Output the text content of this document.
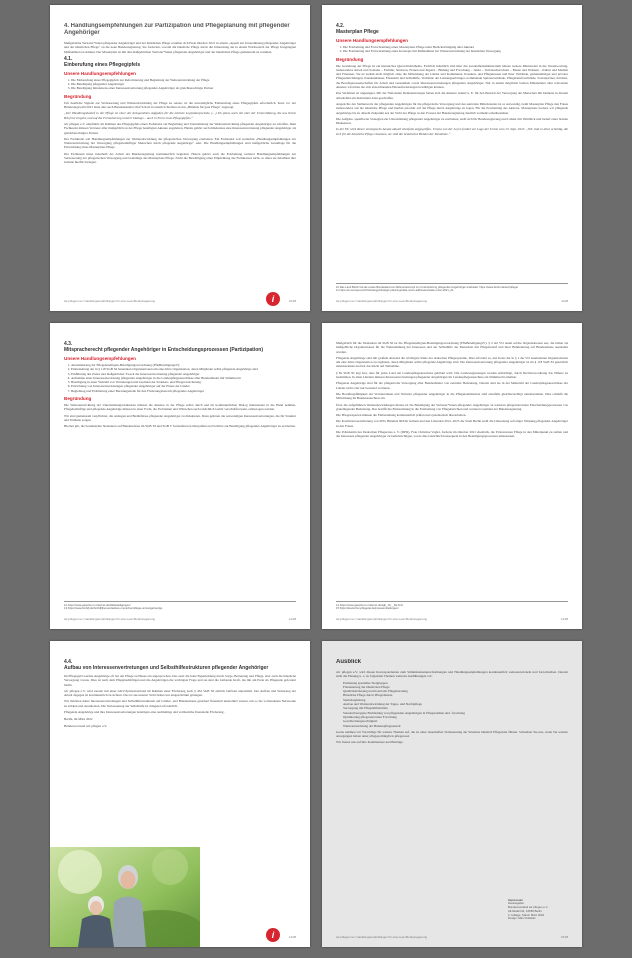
4. Handlungsempfehlungen zur Partizipation und Pflegeplanung mit pflegender Angehöriger

Maßgebliche Vertreter*innen pflegender Angehöriger und der häuslichen Pflege wandten sich Ende Oktober 2021 in einem „Appell zur Unterstützung pflegender Angehöriger und der häuslichen Pflege“ an die neue Bundesregierung. Sie forderten, sowohl die häusliche Pflege durch die Umsetzung der in einem Wortbereich der Pflege festgelegten Maßnahmen zu stärken. Der Masterplan ist mit den maßgeblichen Vertreter*innen pflegender Angehöriger und der häuslichen Pflege gemeinsam zu erstellen.

4.1.
Einberufung eines Pflegegipfels
Unsere Handlungsempfehlungen
1. Die Einberufung eines Pflegegipfels zur Reformierung und Begleitung der Weiterentwicklung der Pflege
2. Die Beteiligung pflegender Angehöriger
3. Die Beteiligung mindestens einer Interessenvertretung pflegender Angehöriger als gleichberechtigte Partner
Begründung

Um deutliche Signale zur Verbesserung und Weiterentwicklung der Pflege zu setzen, ist die unverzügliche Einberufung eines Pflegegipfels erforderlich. Kurz vor der Bundestagswahl 2021 hatte dies auch Bundeskanzler Olaf Scholz in einem Schreiben an das „Bündnis für gute Pflege“ zugesagt.

„Der Handlungsbedarf in der Pflege ist einer der dringendsten Aufgaben für die nächste Legislaturperiode. (…) Ich plane auch mit aber der Unterstützung, die aus Ihrem Brief hervorgeht, und auf die Formulierung unserer Dialogs – auch in Form eines Pflegegipfels.“

wir pflegen e.V. empfiehlt, im Rahmen des Pflegegipfels einen Fachkreist zur Begleitung und Unterstützung der Weiterentwicklung pflegender Angehöriger zu schaffen. Dem Fachkreist müssen Vertreter aller maßgeblich an der Pflege beteiligten Akteure angehören. Hierzu gehört auch mindestens eine Interessenvertretung pflegender Angehöriger als gleichberechtigter Partner.

Der Fachkreist soll Handlungsempfehlungen zur Weiterentwicklung der pflegerischen Versorgung erarbeiten. Ein Fachkreist soll weiterhin „Handlungsempfehlungen zur Weiterentwicklung der Versorgung pflegebedürftiger Menschen durch pflegende Angehörige“ sein. Die Handlungsempfehlungen sind maßgebliche Grundlage für die Entwicklung eines Masterplans Pflege.

Der Fachkreist muss innerhalb der Arbeit der Bundesregierung kontinuierlich begleiten. Hierzu gehört auch die Erarbeitung weiterer Handlungsempfehlungen zur Verbesserung der pflegerischen Versorgung und Grundlage des Masterplans Pflege. Nicht die Bewältigung einer Empfehlung des Fachkreises nicht, so muss sie detailliert ihre Gründe hierfür darlegen.

i
wir-pflegen.net / Handlungsempfehlungen für eine neue Bundesregierung	10/28
4.2.
Masterplan Pflege
Unsere Handlungsempfehlungen
1. Die Erarbeitung und Fortschreibung eines Masterplans Pflege unter Berücksichtigung aller Akteure
2. Die Erarbeitung und Fortschreibung eines Konzepts mit Maßnahmen zur Weiterentwicklung der häuslichen Versorgung
Begründung

Die Gestaltung der Pflege ist ein klassisches Querschnittsthema. Fachlich inhaltlich sind über das Gesundheitsministerium hinaus weitere Ministerien in die Verantwortung, insbesondere Arbeit und Soziales – Familie, Senioren, Frauen und Jugend – Bildung und Forschung – Justiz – Verbraucherschutz – Bauen und Wohnen – Kultur und Medien und Finanzen. Sie ist zudem nicht möglich ohne die Mitwirkung der Länder und Kommunen, Kranken- und Pflegekassen und ihrer Verbände, gemeinnütziger und privater Pflegeeinrichtungen, Krankenhäuser, Ehrenamt und Selbsthilfe, Verbände der Leistungserbringer, kommunale Spitzenverbände, Pflegeberufsverbände, Sozialpartner, Kirchen, die Berufsgenossenschaften für Arbeit und Gesundheit sowie Interessenvertretungen pflegender Angehöriger. Nur in einem möglichst breiten Miteinander aller relevanten Akteure wird man die sich abzeichnenden Herausforderungen bewältigen können.

Das Verfahren ist ungeeignet. Mit der Nationalen Demenzstrategie haben sich die Akteure zuletzt u. E. für den Bereich der Versorgung der Menschen mit Demenz in diesem Arbeitsfeld ein Instrument dazu geschaffen.

Angesichts des Stellenwerts der pflegenden Angehörigen für die pflegerische Versorgung und des zentralen Mittelstandes ist es notwendig, beim Masterplan Pflege den Fokus insbesondere auf die häusliche Pflege und hierbei prioritär auf die Pflege durch Angehörige zu legen. Für die Erarbeitung des Aktions- Masterplans fordern wir pflegende Angehörige bis zu diesem Zeitpunkt aus der Sicht der Pflege in den Prozess der Bundesregierung deutlich vermehrt einzubeziehen.

Die Aufgabe, spezifische Strategien zur Unterstützung pflegender Angehöriger zu erarbeiten, stellt sich für Bundesregierung und Länder mit Weitblick und bedarf einer breiten Diskussion.

In der EU wird dieser strategische Ansatz aktuell ebenfalls aufgegriffen. Ursula von der Leyen fordert zur Lage der Union vom 15. Sept. 2021: „Wir sind es allen schuldig, die sich für die häusliche Pflege einsetzen, sie sind die heimlichen Helden der Pandemie.“

10 Das Land Berlin hat als erstes Bundesland ein Rahmenkonzept zur Unterstützung pflegender Angehöriger erarbeitet: https://www.berlin.de/sen/pflege/

11 https://ec.europa.eu/info/strategy/strategic-planning/state-union-addresses/state-union-2021_de

wir-pflegen.net / Handlungsempfehlungen für eine neue Bundesregierung	11/28
4.3.
Mitspracherecht pflegender Angehöriger in Entscheidungsprozessen (Partizipation)
Unsere Handlungsempfehlungen
1. Aktualisierung der Pflegebeteiligten-Beteiligungsverordnung (PfleBeteiligungsV):
2. Einbeziehung der in § 118 SGB XI benannten Organisationen um eine dritte Organisation, deren Mitglieder selbst pflegende Angehörige sind
3. Einführung des Zieles und maßgeblicher Zweck der Interessenvertretung pflegender Angehöriger
4. Aufnahme einer Interessenvertretung pflegender Angehöriger in die Landespflegeausschüsse aller Bundesländer mit Stimmrecht
5. Beteiligung in einer Vielzahl von Vertretungen und Gremien der Kranken- und Pflegeversicherung
6. Einrichtung von Interessenvertretungen pflegender Angehöriger auf der Ebene der Länder
7. Begleitung und Etablierung einer Beratungsstelle für den Förderungsbereich pflegender Angehöriger
Begründung

Die Weiterentwicklung der Unterstützungsstrukturen müssen die Akteure in der Pflege selbst durch und im kontinuierlichen Dialog miteinander in die Hand nehmen. Pflegebedürftige und pflegende Angehörige müssen in einer Form, die Problemen und Wünschen auch tatsächlich Gehör verschaffen kann, einbezogen werden.

Wir sind gemeinsam verpflichtet, die Anliegen und Bedürfnisse pflegender Angehöriger zu diskutieren. Dazu gehören die notwendigen Interessenvertretungen, die für Struktur und Teilhabe sorgen.

Hierbei gilt, die bestehenden Strukturen auf Bundesebene im SGB XI und SGB V fortlaufend zu überprüfen und Schritte zur Beteiligung pflegender Angehöriger zu erarbeiten.

12 https://www.gesetze-im-internet.de/pflebeteiligungsv/

13 https://www.bmfsfj.de/bmfsfj/themen/aeltere-menschen/pflege-und-angehoerige

wir-pflegen.net / Handlungsempfehlungen für eine neue Bundesregierung	12/28

Maßgeblich für die Strukturen im SGB XI ist die Pflegebeteiligten-Beteiligungsverordnung (PfleBeteiligungsV). § 2 der VO nennt solche Organisationen aus, die bisher als maßgebliche Organisationen für die Wahrnehmung der Interessen und der Selbsthilfe der Menschen mit Pflegebedarf und ihrer Behinderung auf Bundesebene anerkannt wurden.

Pflegende Angehörige sind mit großem Abstand die wichtigste Säule der deutschen Pflegesysteme. Dies erfordert es, den Kreis der in § 1 der VO anerkannten Organisationen um eine dritte Organisation zu ergänzen, deren Mitglieder selbst pflegende Angehörige sind. Die Interessenvertretung pflegender Angehöriger ist im § 118 SGB XI gesetzlich einzubeziehen und hat das Recht auf Teilnahme.

§ 8a SGB XI legt fest, dass für jedes Land ein Landespflegeausschuss gebildet wird. Die Landesregierungen werden ermächtigt, durch Rechtsverordnung das Nähere zu bestimmen. In allen Ländern müssen Interessenvertretungen pflegender Angehöriger im Landespflegeausschuss ein Stimmrecht erhalten.

Pflegende Angehörige sind für die pflegerische Versorgung aller Bundesländer von zentraler Bedeutung. Derzeit sind sie in der Mehrzahl der Landespflegeausschüsse der Länder nicht oder nur beratend vertreten.

Die Berufungsfähigkeit der Vertreterinnen und Vertreter pflegender Angehöriger in die Pflegekommission sind ebenfalls gleichberechtigt einzubeziehen. Dies schließt die Mitwirkung im Bundesausschuss ein.

Über die aufgeführten Weiterentwicklungen hinaus ist die Beteiligung der Vertreter*innen pflegender Angehöriger an weiteren pflegerelevanten Entscheidungsprozessen von grundlegender Bedeutung. Das betrifft die Einbeziehung in die Erarbeitung von Pflegeberichten und weiteren Gremien der Bundesregierung.

Die Pflegeexperten müssen die Einbeziehung kontinuierlich prüfen und systematisch überarbeiten.

Die Koalitionsvereinbarung von SPD, Bündnis 90/Die Grünen und den Liberalen 2021–2025 der Stadt Berlin stellt die Umsetzung sofortiger Stärkung pflegender Angehöriger in den Fokus.

Die Präsidentin des Deutschen Pflegerates a. V. (DPR), Frau Christine Vogler, forderte im Oktober 2021 ebenfalls, die Professionen Pflege in den Mittelpunkt zu stellen und die Interessen pflegender Angehöriger zu berücksichtigen, sowie dies tatsächlich konsequent in den Beteiligungsprozessen umzusetzen.

14 https://www.gesetze-im-internet.de/sgb_11/__8a.html

15 https://deutscher-pflegerat.de/pressemitteilungen/

wir-pflegen.net / Handlungsempfehlungen für eine neue Bundesregierung	13/28
4.4.
Aufbau von Interessenvertretungen und Selbsthilfestrukturen pflegender Angehöriger

Im Pflegegeld werden Angehörige oft bei der Pflege zu Hause ein angesprochen. Das setzt die hohe Eigenleistung durch Sorge, Betreuung und Pflege, aber auch die häusliche Versorgung voraus. Dies ist nach dem Pflegebedürftigen und die Angehörigen die wichtigste Frage und sie sind die treibende Kraft, die mit am Ende als Pflegende gefordert bleibt.

wir pflegen e.V. wird zurzeit mit einer GKV-Spitzenverband im Rahmen einer Förderung nach § 45d SGB XI zeitlich befristet unterstützt. Der Aufbau und Sicherung der Arbeit dagegen ist kontinuierlich zu sichern. Das ist aus unserer Sicht bisher nur eingeschränkt gelungen.

Wir möchten daher Interessenvertretungen und Selbsthilfestrukturen auf Länder- und Bundesebene gesichert finanziell unterstützt wissen, um so die vorhandenen Netzwerke zu stärken und auszubauen. Die Verbesserung der Selbsthilfe ist dringend erforderlich.

Pflegende Angehörige und ihre Interessenvertretungen benötigen eine nachhaltige und verlässliche finanzielle Förderung.

Berlin, im März 2022

Bundesvorstand wir pflegen e.V.

i	14/28
Ausblick

wir pflegen e.V. wird diesen Korrespondenten zum Stimmkreisunterschreibungen und Handlungsempfehlungen kontinuierlich weiterentwickeln und fortschreiben. Derzeit steht die Planung u. a. zu folgenden Themen weiteren Ausführungen vor:

• Entlastung spezieller Zielgruppen
• Finanzierung der häuslichen Pflege
• Qualitätssicherung und Kontrolle Pflegeberatung
• Häusliche Pflege durch Pflegedienste
• Sterbebegleitung
• Ausbau und Weiterentwicklung der Tages- und Nachtpflege
• Versorgung mit Pflegehilfsmitteln
• Standortbezogene Einbindung von pflegenden Angehörigen in Pflegestudien und -forschung
• Optimierung pflegerelevanter Forschung
• Geschlechtergerechtigkeit
• Weiterentwicklung der Bundespflegeanstalt

Gerne nehmen wir Vorschläge für weitere Themen auf, die zu einer dauerhaften Verbesserung der Situation häuslich Pflegender führen. Schreiben Sie uns, wenn Sie weitere Anregungen haben unter pflegepolitik@wir-pflegen.net

Wir freuen uns auf Ihre Kommentare und Beiträge.

Impressum

Herausgeber

Bundesvorstand wir pflegen e.V.

Alt-Moabit 91, 10559 Berlin

2. Auflage, Stand: März 2022

Design: Marx Kollektiv

wir-pflegen.net / Handlungsempfehlungen für eine neue Bundesregierung	15/28
